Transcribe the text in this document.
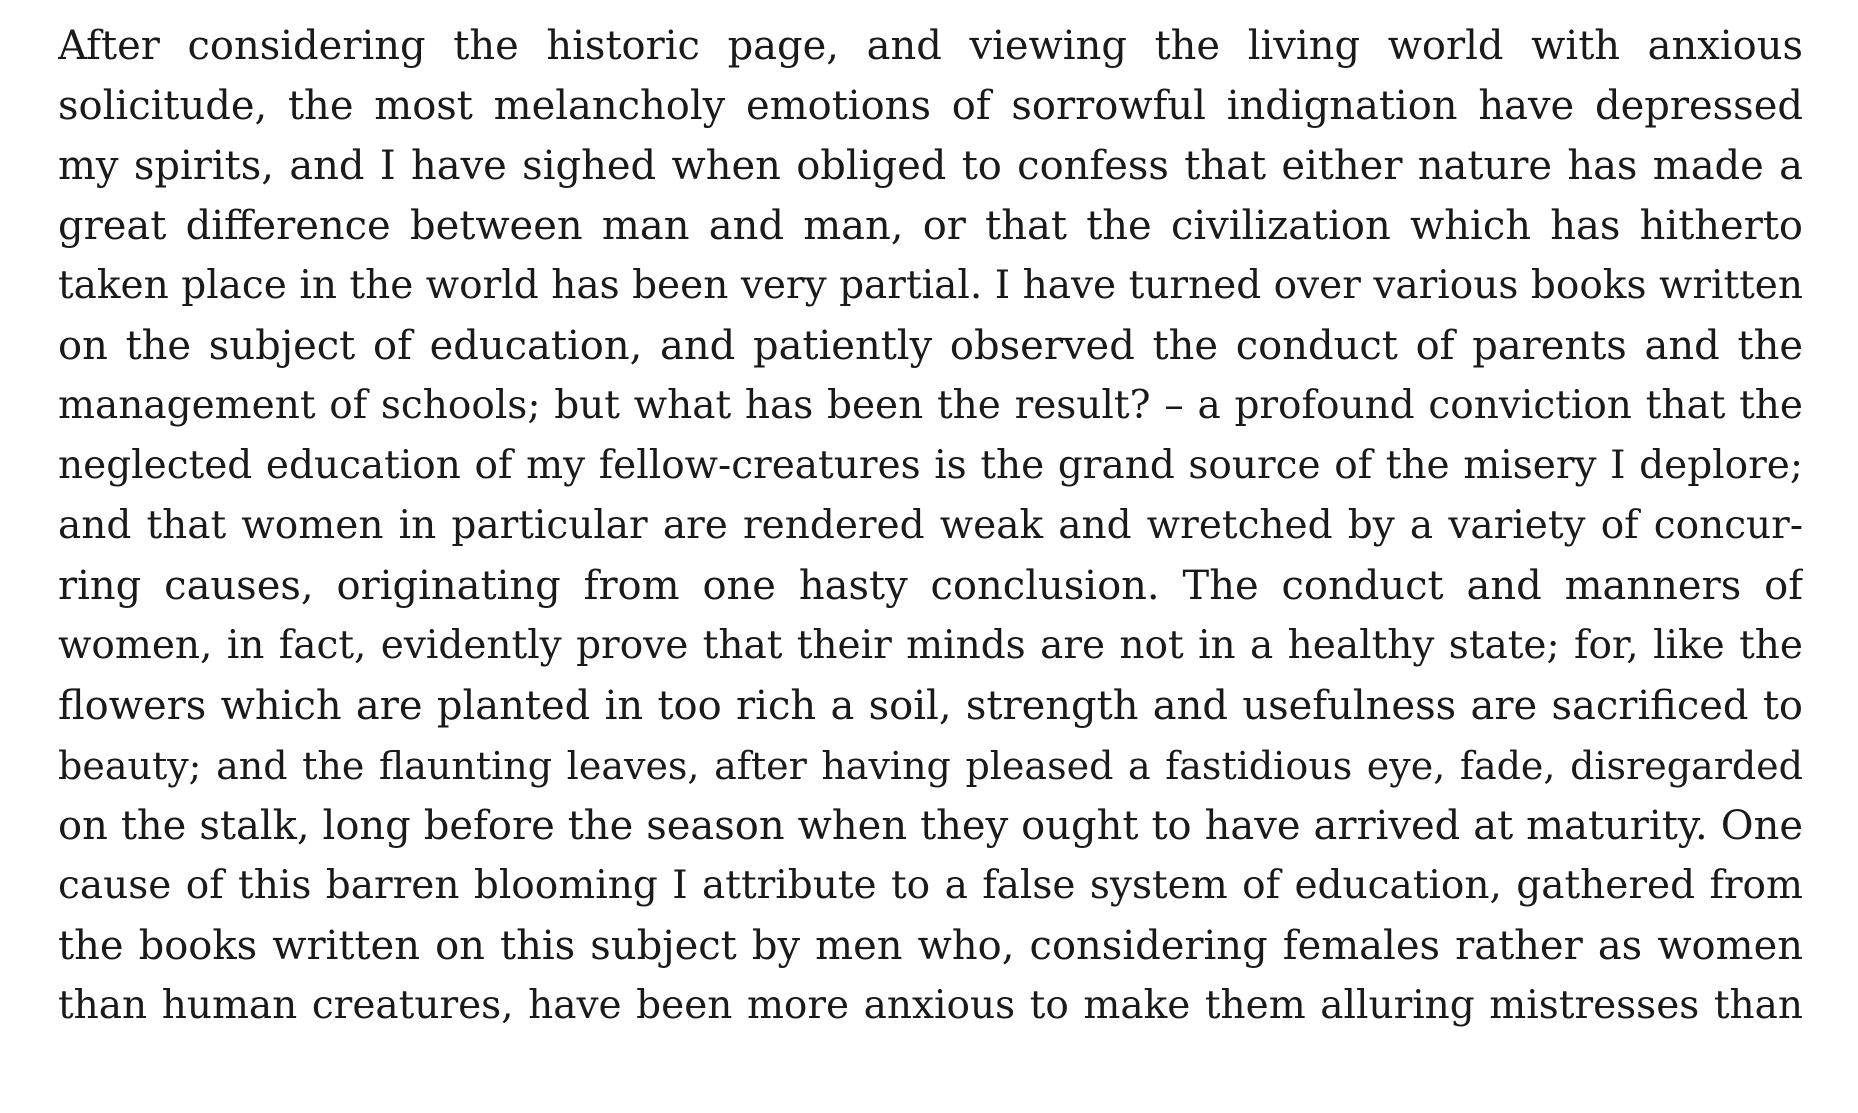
After considering the historic page, and viewing the living world with anxious
solicitude, the most melancholy emotions of sorrowful indignation have depressed
my spirits, and I have sighed when obliged to confess that either nature has made a
great difference between man and man, or that the civilization which has hitherto
taken place in the world has been very partial. I have turned over various books written
on the subject of education, and patiently observed the conduct of parents and the
management of schools; but what has been the result? – a profound conviction that the
neglected education of my fellow-creatures is the grand source of the misery I deplore;
and that women in particular are rendered weak and wretched by a variety of concur-
ring causes, originating from one hasty conclusion. The conduct and manners of
women, in fact, evidently prove that their minds are not in a healthy state; for, like the
flowers which are planted in too rich a soil, strength and usefulness are sacrificed to
beauty; and the flaunting leaves, after having pleased a fastidious eye, fade, disregarded
on the stalk, long before the season when they ought to have arrived at maturity. One
cause of this barren blooming I attribute to a false system of education, gathered from
the books written on this subject by men who, considering females rather as women
than human creatures, have been more anxious to make them alluring mistresses than
